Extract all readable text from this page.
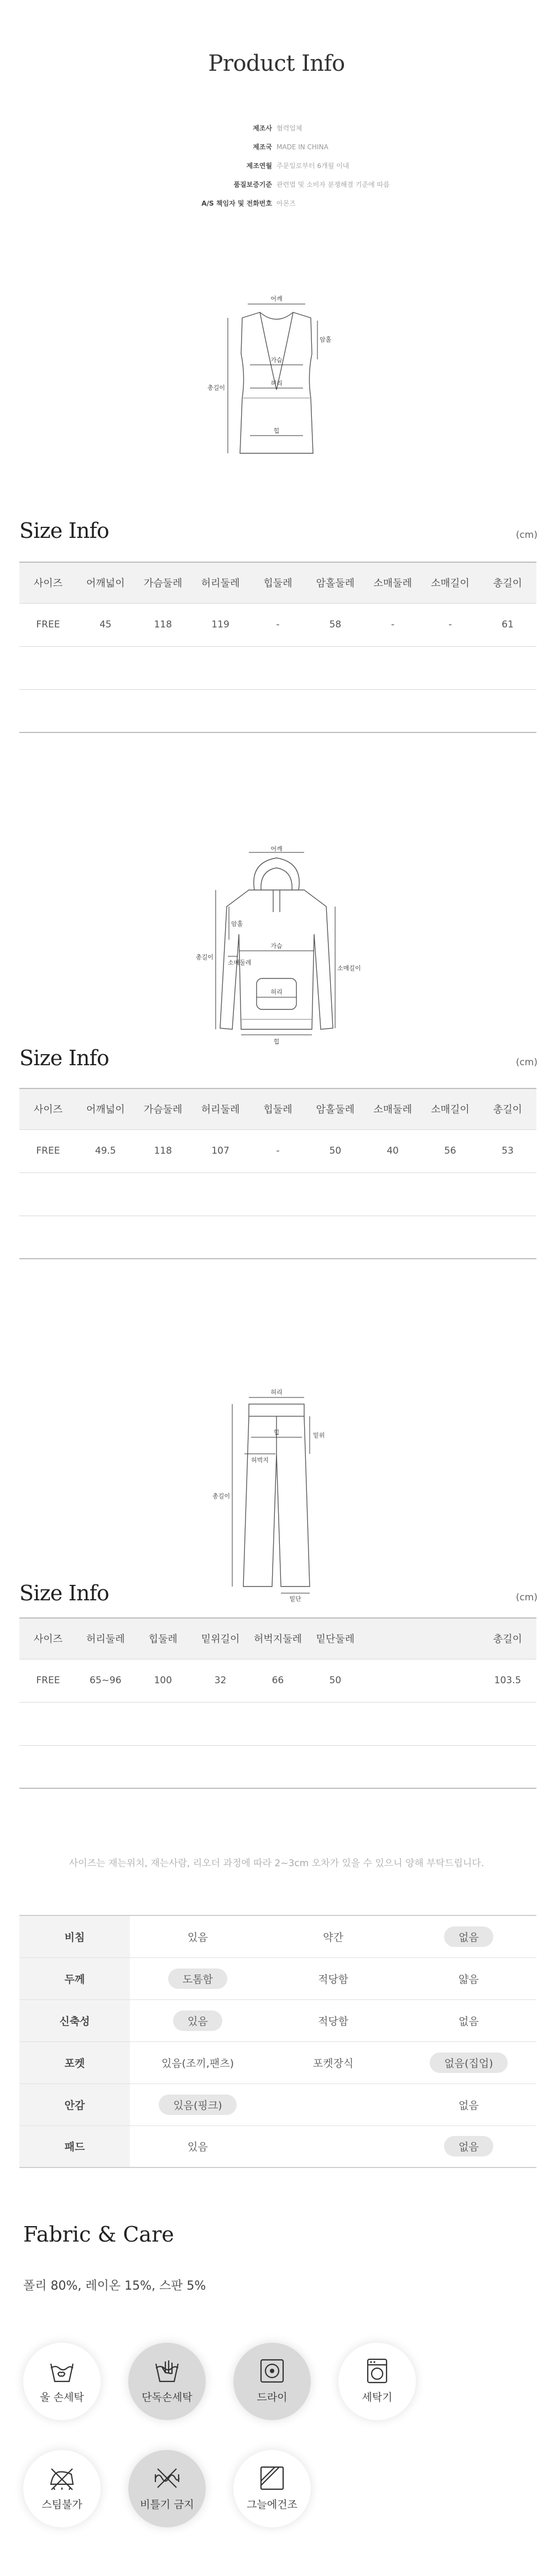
Product Info
제조사 협력업체
제조국 MADE IN CHINA
제조연월 주문일로부터 6개월 이내
품질보증기준 관련법 및 소비자 분쟁해결 기준에 따름
A/S 책임자 및 전화번호 아몬즈
어깨
암홀
가슴
허리
힙
총길이
Size Info	(cm)
사이즈	어깨넓이	가슴둘레	허리둘레	힙둘레	암홀둘레	소매둘레	소매길이	총길이
FREE	45	118	119	-	58	-	-	61

어깨
암홀
가슴
소매둘레
총길이
소매길이
허리
힙
Size Info	(cm)
사이즈	어깨넓이	가슴둘레	허리둘레	힙둘레	암홀둘레	소매둘레	소매길이	총길이
FREE	49.5	118	107	-	50	40	56	53

허리
힙	밑위
허벅지
총길이
밑단
Size Info	(cm)
사이즈	허리둘레	힙둘레	밑위길이	허벅지둘레	밑단둘레			총길이
FREE	65~96	100	32	66	50			103.5

사이즈는 재는위치, 재는사람, 리오더 과정에 따라 2~3cm 오차가 있을 수 있으니 양해 부탁드립니다.
비침	있음	약간	없음
두께	도톰함	적당함	얇음
신축성	있음	적당함	없음
포켓	있음(조끼,팬츠)	포켓장식	없음(집업)
안감	있음(핑크)		없음
패드	있음		없음
Fabric & Care
폴리 80%, 레이온 15%, 스판 5%
울 손세탁	단독손세탁	드라이	세탁기
스팀불가	비틀기 금지	그늘에건조
